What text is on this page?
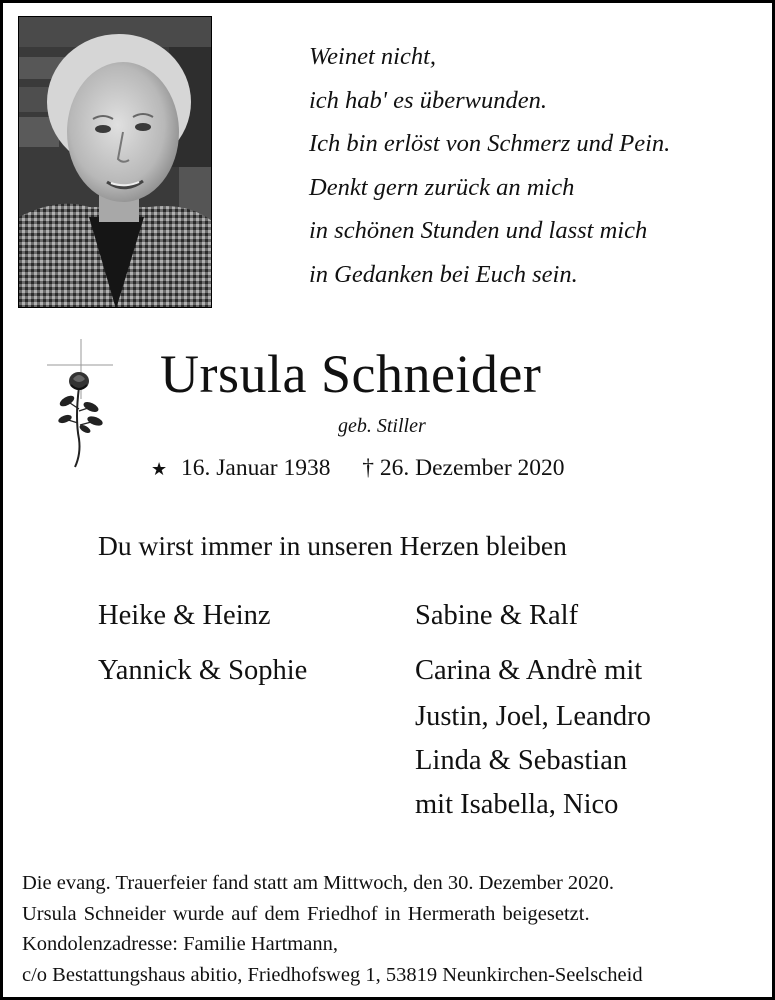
Weinet nicht,
ich hab' es überwunden.
Ich bin erlöst von Schmerz und Pein.
Denkt gern zurück an mich
in schönen Stunden und lasst mich
in Gedanken bei Euch sein.
Ursula Schneider
geb. Stiller
★ 16. Januar 1938 † 26. Dezember 2020
Du wirst immer in unseren Herzen bleiben
Heike & Heinz
Yannick & Sophie
Sabine & Ralf
Carina & Andrè mit
Justin, Joel, Leandro
Linda & Sebastian
mit Isabella, Nico
Die evang. Trauerfeier fand statt am Mittwoch, den 30. Dezember 2020.
Ursula Schneider wurde auf dem Friedhof in Hermerath beigesetzt.
Kondolenzadresse: Familie Hartmann,
c/o Bestattungshaus abitio, Friedhofsweg 1, 53819 Neunkirchen-Seelscheid
